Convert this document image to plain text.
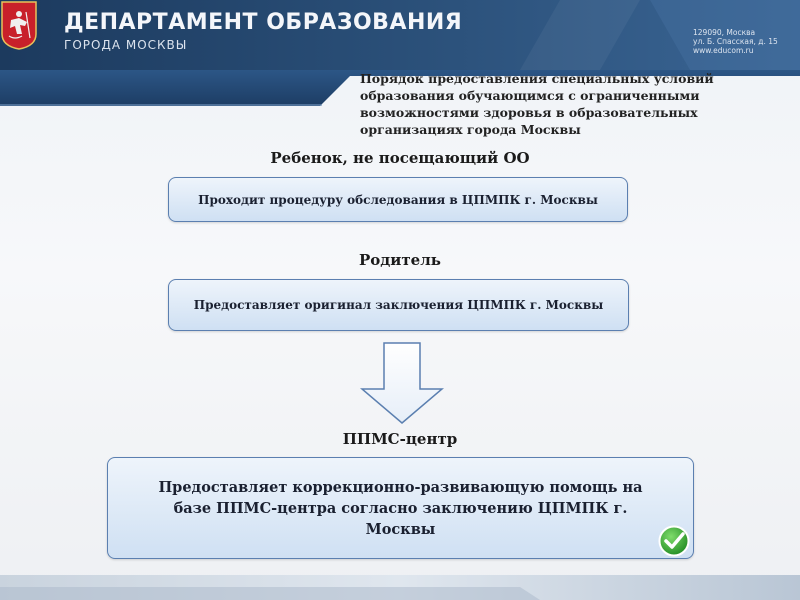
ДЕПАРТАМЕНТ ОБРАЗОВАНИЯ
ГОРОДА МОСКВЫ
129090, Москва
ул. Б. Спасская, д. 15
www.educom.ru
Порядок предоставления специальных условий образования обучающимся с ограниченными возможностями здоровья в образовательных организациях города Москвы
Ребенок, не посещающий ОО
Проходит процедуру обследования в ЦПМПК г. Москвы
Родитель
Предоставляет оригинал заключения ЦПМПК г. Москвы
ППМС-центр
Предоставляет коррекционно-развивающую помощь на базе ППМС-центра согласно заключению ЦПМПК г. Москвы
